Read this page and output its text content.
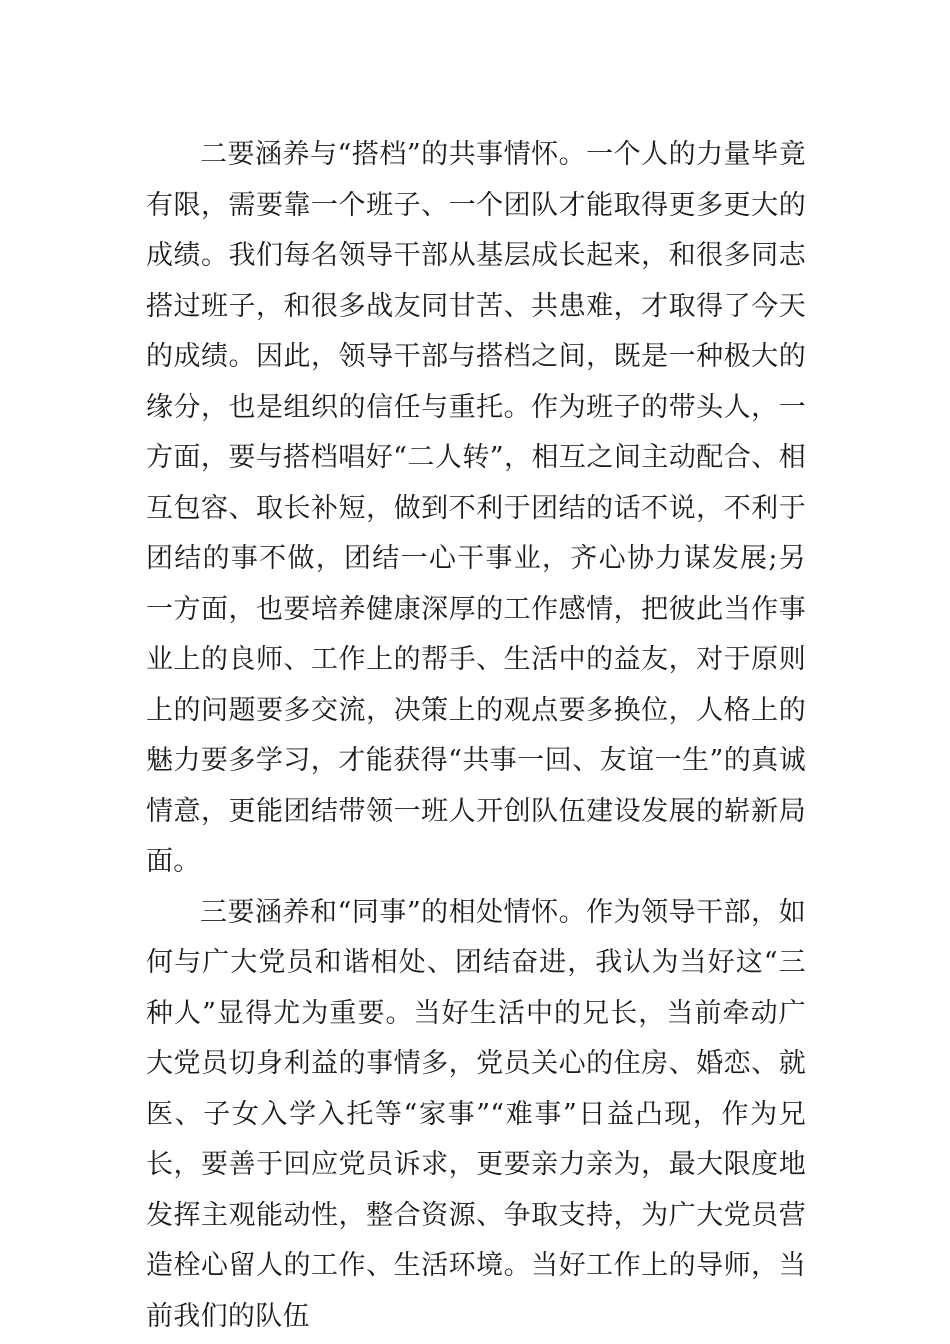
二要涵养与“搭档”的共事情怀。一个人的力量毕竟有限，需要靠一个班子、一个团队才能取得更多更大的成绩。我们每名领导干部从基层成长起来，和很多同志搭过班子，和很多战友同甘苦、共患难，才取得了今天的成绩。因此，领导干部与搭档之间，既是一种极大的缘分，也是组织的信任与重托。作为班子的带头人，一方面，要与搭档唱好“二人转”，相互之间主动配合、相互包容、取长补短，做到不利于团结的话不说，不利于团结的事不做，团结一心干事业，齐心协力谋发展;另一方面，也要培养健康深厚的工作感情，把彼此当作事业上的良师、工作上的帮手、生活中的益友，对于原则上的问题要多交流，决策上的观点要多换位，人格上的魅力要多学习，才能获得“共事一回、友谊一生”的真诚情意，更能团结带领一班人开创队伍建设发展的崭新局面。

三要涵养和“同事”的相处情怀。作为领导干部，如何与广大党员和谐相处、团结奋进，我认为当好这“三种人”显得尤为重要。当好生活中的兄长，当前牵动广大党员切身利益的事情多，党员关心的住房、婚恋、就医、子女入学入托等“家事”“难事”日益凸现，作为兄长，要善于回应党员诉求，更要亲力亲为，最大限度地发挥主观能动性，整合资源、争取支持，为广大党员营造栓心留人的工作、生活环境。当好工作上的导师，当前我们的队伍
